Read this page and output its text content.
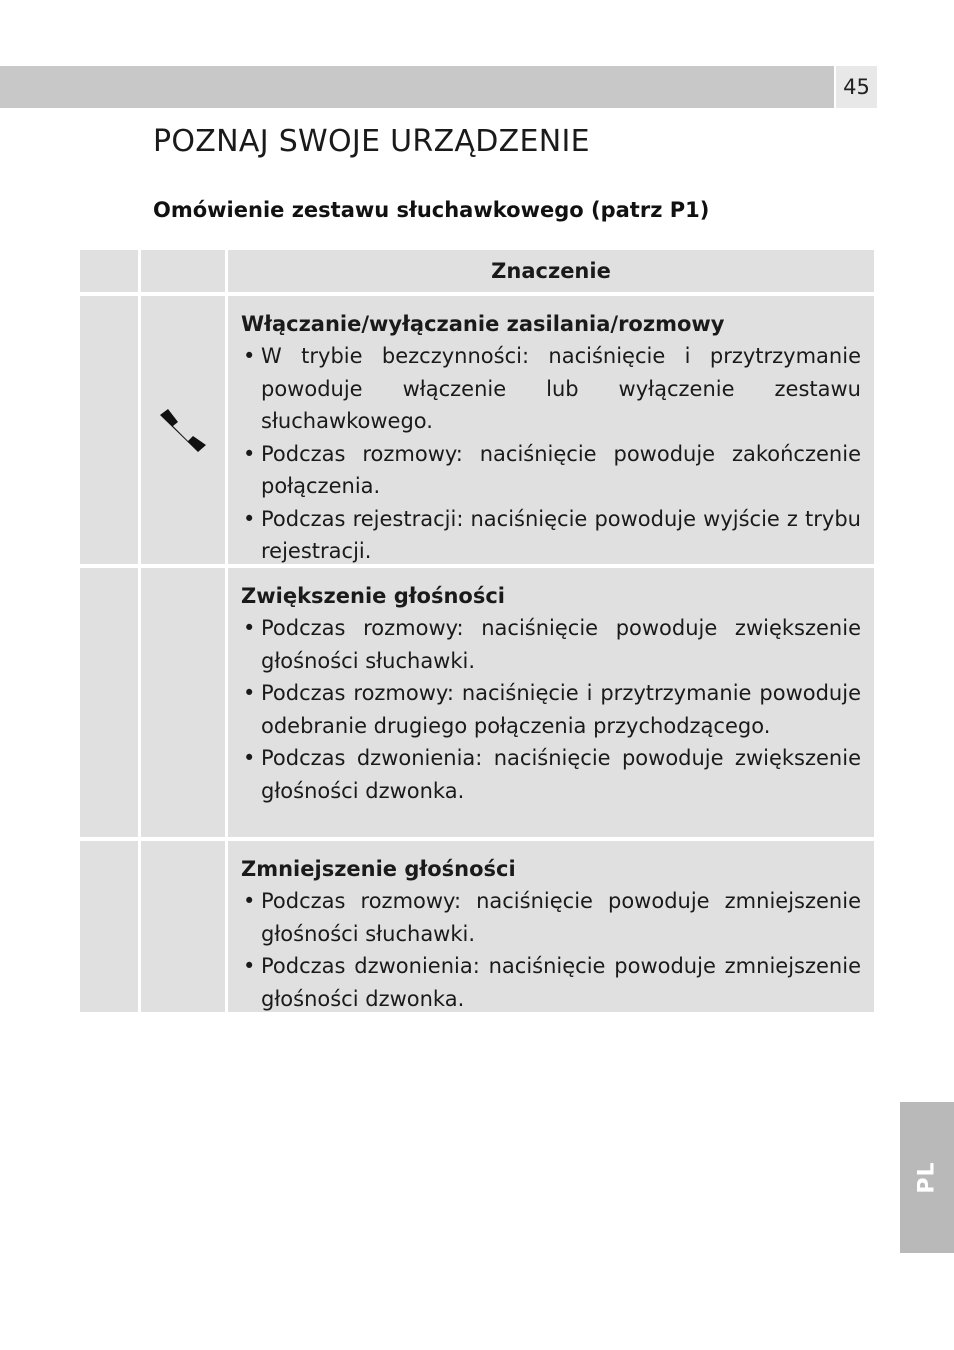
45
POZNAJ SWOJE URZĄDZENIE
Omówienie zestawu słuchawkowego (patrz P1)
Znaczenie

Włączanie/wyłączanie zasilania/rozmowy

• W trybie bezczynności: naciśnięcie i przytrzymanie powoduje włączenie lub wyłączenie zestawu słuchawkowego.
• Podczas rozmowy: naciśnięcie powoduje zakończenie połączenia.
• Podczas rejestracji: naciśnięcie powoduje wyjście z trybu rejestracji.

Zwiększenie głośności

• Podczas rozmowy: naciśnięcie powoduje zwiększenie głośności słuchawki.
• Podczas rozmowy: naciśnięcie i przytrzymanie powoduje odebranie drugiego połączenia przychodzącego.
• Podczas dzwonienia: naciśnięcie powoduje zwiększenie głośności dzwonka.

Zmniejszenie głośności

• Podczas rozmowy: naciśnięcie powoduje zmniejszenie głośności słuchawki.
• Podczas dzwonienia: naciśnięcie powoduje zmniejszenie głośności dzwonka.
PL
